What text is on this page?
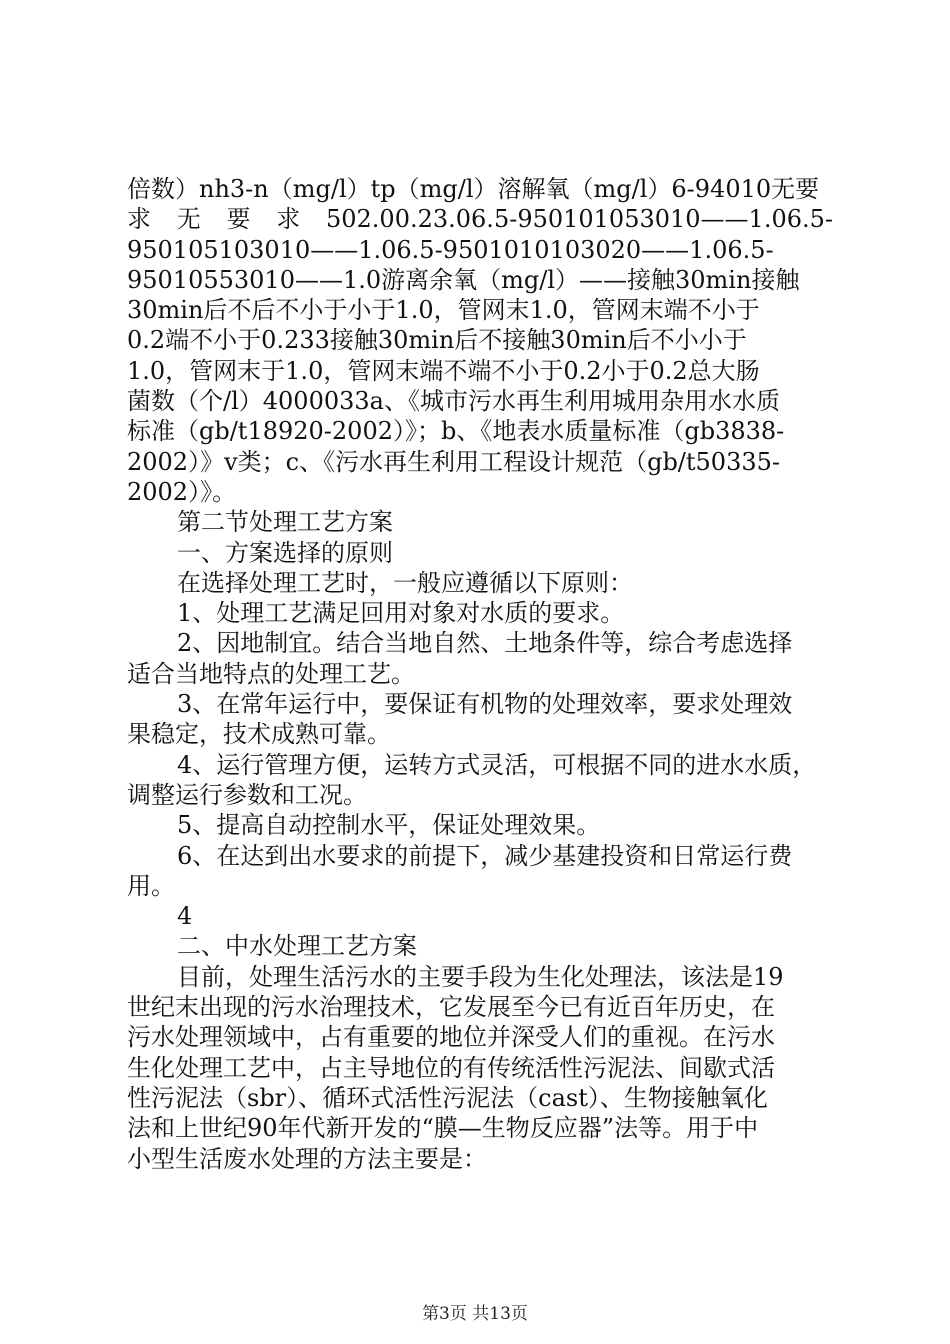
倍数）nh3-n（mg/l）tp（mg/l）溶解氧（mg/l）6-94010无要
求 无 要 求 502.00.23.06.5-950101053010——1.06.5-
950105103010——1.06.5-9501010103020——1.06.5-
95010553010——1.0游离余氧（mg/l）——接触30min接触
30min后不后不小于小于1.0，管网末1.0，管网末端不小于
0.2端不小于0.233接触30min后不接触30min后不小小于
1.0，管网末于1.0，管网末端不端不小于0.2小于0.2总大肠
菌数（个/l）4000033a、《城市污水再生利用城用杂用水水质
标准（gb/t18920-2002）》；b、《地表水质量标准（gb3838-
2002）》v类；c、《污水再生利用工程设计规范（gb/t50335-
2002）》。
第二节处理工艺方案
一、方案选择的原则
在选择处理工艺时，一般应遵循以下原则：
1、处理工艺满足回用对象对水质的要求。
2、因地制宜。结合当地自然、土地条件等，综合考虑选择
适合当地特点的处理工艺。
3、在常年运行中，要保证有机物的处理效率，要求处理效
果稳定，技术成熟可靠。
4、运行管理方便，运转方式灵活，可根据不同的进水水质，
调整运行参数和工况。
5、提高自动控制水平，保证处理效果。
6、在达到出水要求的前提下，减少基建投资和日常运行费
用。
4
二、中水处理工艺方案
目前，处理生活污水的主要手段为生化处理法，该法是19
世纪末出现的污水治理技术，它发展至今已有近百年历史，在
污水处理领域中，占有重要的地位并深受人们的重视。在污水
生化处理工艺中，占主导地位的有传统活性污泥法、间歇式活
性污泥法（sbr）、循环式活性污泥法（cast）、生物接触氧化
法和上世纪90年代新开发的“膜—生物反应器”法等。用于中
小型生活废水处理的方法主要是：
第3页 共13页
